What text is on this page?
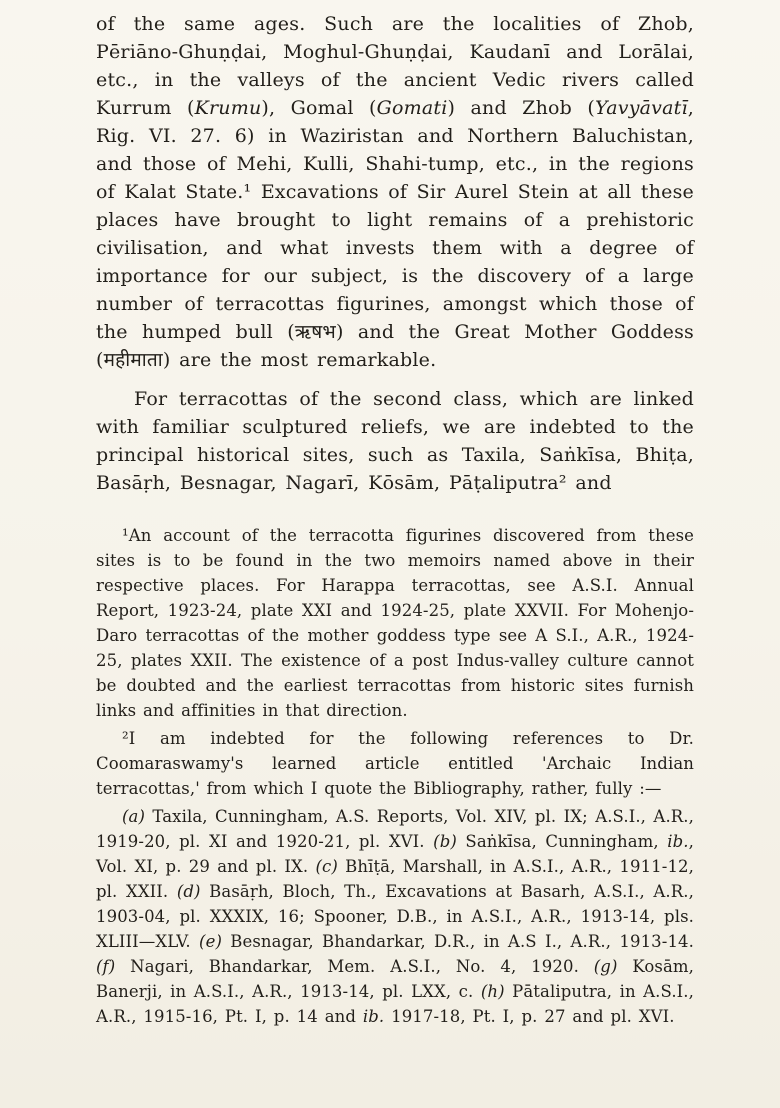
of the same ages. Such are the localities of Zhob, Pēriāno-Ghuṇḍai, Moghul-Ghuṇḍai, Kaudanī and Lorālai, etc., in the valleys of the ancient Vedic rivers called Kurrum (Krumu), Gomal (Gomati) and Zhob (Yavyāvatī, Rig. VI. 27. 6) in Waziristan and Northern Baluchistan, and those of Mehi, Kulli, Shahi-tump, etc., in the regions of Kalat State.¹ Excavations of Sir Aurel Stein at all these places have brought to light remains of a prehistoric civilisation, and what invests them with a degree of importance for our subject, is the discovery of a large number of terracottas figurines, amongst which those of the humped bull (ऋषभ) and the Great Mother Goddess (महीमाता) are the most remarkable.

For terracottas of the second class, which are linked with familiar sculptured reliefs, we are indebted to the principal historical sites, such as Taxila, Saṅkīsa, Bhiṭa, Basāṛh, Besnagar, Nagarī, Kōsām, Pāṭaliputra² and

¹An account of the terracotta figurines discovered from these sites is to be found in the two memoirs named above in their respective places. For Harappa terracottas, see A.S.I. Annual Report, 1923-24, plate XXI and 1924-25, plate XXVII. For Mohenjo-Daro terracottas of the mother goddess type see A S.I., A.R., 1924-25, plates XXII. The existence of a post Indus-valley culture cannot be doubted and the earliest terracottas from historic sites furnish links and affinities in that direction.

²I am indebted for the following references to Dr. Coomaraswamy's learned article entitled 'Archaic Indian terracottas,' from which I quote the Bibliography, rather, fully :—

(a) Taxila, Cunningham, A.S. Reports, Vol. XIV, pl. IX; A.S.I., A.R., 1919-20, pl. XI and 1920-21, pl. XVI. (b) Saṅkīsa, Cunningham, ib., Vol. XI, p. 29 and pl. IX. (c) Bhīṭā, Marshall, in A.S.I., A.R., 1911-12, pl. XXII. (d) Basāṛh, Bloch, Th., Excavations at Basarh, A.S.I., A.R., 1903-04, pl. XXXIX, 16; Spooner, D.B., in A.S.I., A.R., 1913-14, pls. XLIII—XLV. (e) Besnagar, Bhandarkar, D.R., in A.S I., A.R., 1913-14. (f) Nagari, Bhandarkar, Mem. A.S.I., No. 4, 1920. (g) Kosām, Banerji, in A.S.I., A.R., 1913-14, pl. LXX, c. (h) Pātaliputra, in A.S.I., A.R., 1915-16, Pt. I, p. 14 and ib. 1917-18, Pt. I, p. 27 and pl. XVI.
